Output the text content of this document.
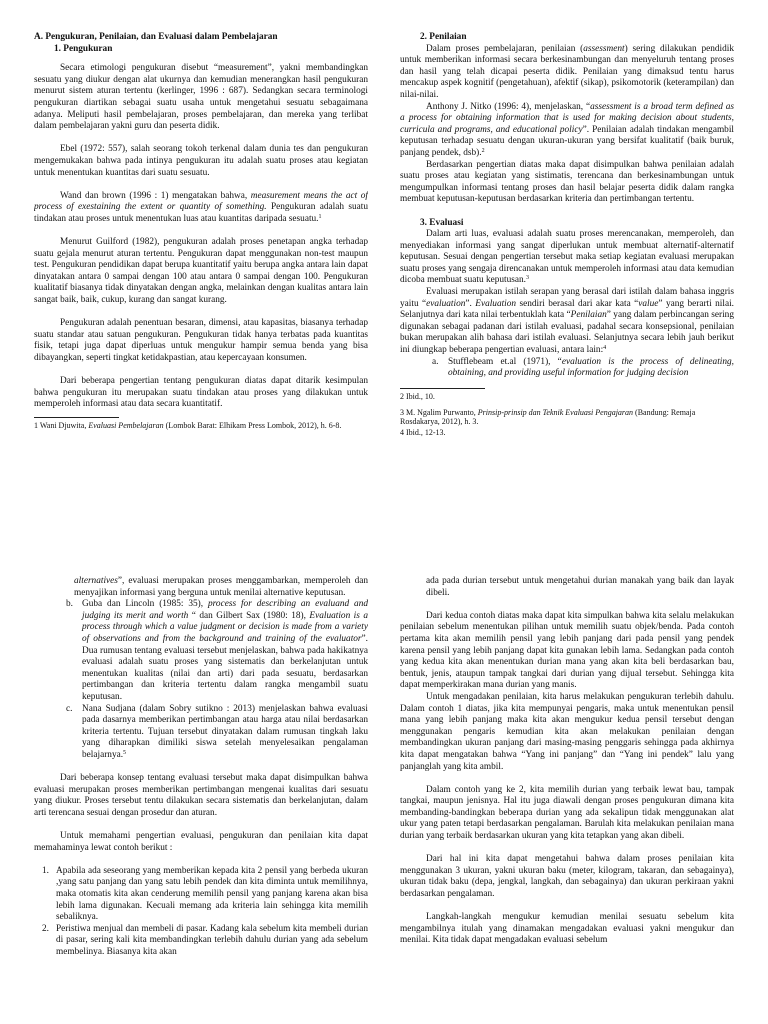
A. Pengukuran, Penilaian, dan Evaluasi dalam Pembelajaran

1. Pengukuran

Secara etimologi pengukuran disebut “measurement”, yakni membandingkan sesuatu yang diukur dengan alat ukurnya dan kemudian menerangkan hasil pengukuran menurut sistem aturan tertentu (kerlinger, 1996 : 687). Sedangkan secara terminologi pengukuran diartikan sebagai suatu usaha untuk mengetahui sesuatu sebagaimana adanya. Meliputi hasil pembelajaran, proses pembelajaran, dan mereka yang terlibat dalam pembelajaran yakni guru dan peserta didik.

Ebel (1972: 557), salah seorang tokoh terkenal dalam dunia tes dan pengukuran mengemukakan bahwa pada intinya pengukuran itu adalah suatu proses atau kegiatan untuk menentukan kuantitas dari suatu sesuatu.

Wand dan brown (1996 : 1) mengatakan bahwa, measurement means the act of process of exestaining the extent or quantity of something. Pengukuran adalah suatu tindakan atau proses untuk menentukan luas atau kuantitas daripada sesuatu.$^1$

Menurut Guilford (1982), pengukuran adalah proses penetapan angka terhadap suatu gejala menurut aturan tertentu. Pengukuran dapat menggunakan non-test maupun test. Pengukuran pendidikan dapat berupa kuantitatif yaitu berupa angka antara lain dapat dinyatakan antara 0 sampai dengan 100 atau antara 0 sampai dengan 100. Pengukuran kualitatif biasanya tidak dinyatakan dengan angka, melainkan dengan kualitas antara lain sangat baik, baik, cukup, kurang dan sangat kurang.

Pengukuran adalah penentuan besaran, dimensi, atau kapasitas, biasanya terhadap suatu standar atau satuan pengukuran. Pengukuran tidak hanya terbatas pada kuantitas fisik, tetapi juga dapat diperluas untuk mengukur hampir semua benda yang bisa dibayangkan, seperti tingkat ketidakpastian, atau kepercayaan konsumen.

Dari beberapa pengertian tentang pengukuran diatas dapat ditarik kesimpulan bahwa pengukuran itu merupakan suatu tindakan atau proses yang dilakukan untuk memperoleh informasi atau data secara kuantitatif.

1 Wani Djuwita, Evaluasi Pembelajaran (Lombok Barat: Elhikam Press Lombok, 2012), h. 6-8.

2. Penilaian

Dalam proses pembelajaran, penilaian (assessment) sering dilakukan pendidik untuk memberikan informasi secara berkesinambungan dan menyeluruh tentang proses dan hasil yang telah dicapai peserta didik. Penilaian yang dimaksud tentu harus mencakup aspek kognitif (pengetahuan), afektif (sikap), psikomotorik (keterampilan) dan nilai-nilai.

Anthony J. Nitko (1996: 4), menjelaskan, “assessment is a broad term defined as a process for obtaining information that is used for making decision about students, curricula and programs, and educational policy”. Penilaian adalah tindakan mengambil keputusan terhadap sesuatu dengan ukuran-ukuran yang bersifat kualitatif (baik buruk, panjang pendek, dsb).$^2$

Berdasarkan pengertian diatas maka dapat disimpulkan bahwa penilaian adalah suatu proses atau kegiatan yang sistimatis, terencana dan berkesinambungan untuk mengumpulkan informasi tentang proses dan hasil belajar peserta didik dalam rangka membuat keputusan-keputusan berdasarkan kriteria dan pertimbangan tertentu.

3. Evaluasi

Dalam arti luas, evaluasi adalah suatu proses merencanakan, memperoleh, dan menyediakan informasi yang sangat diperlukan untuk membuat alternatif-alternatif keputusan. Sesuai dengan pengertian tersebut maka setiap kegiatan evaluasi merupakan suatu proses yang sengaja direncanakan untuk memperoleh informasi atau data kemudian dicoba membuat suatu keputusan.$^3$

Evaluasi merupakan istilah serapan yang berasal dari istilah dalam bahasa inggris yaitu “evaluation”. Evaluation sendiri berasal dari akar kata “value” yang berarti nilai. Selanjutnya dari kata nilai terbentuklah kata “Penilaian” yang dalam perbincangan sering digunakan sebagai padanan dari istilah evaluasi, padahal secara konsepsional, penilaian bukan merupakan alih bahasa dari istilah evaluasi. Selanjutnya secara lebih jauh berikut ini diungkap beberapa pengertian evaluasi, antara lain:$^4$

a. Stufflebeam et.al (1971), “evaluation is the process of delineating, obtaining, and providing useful information for judging decision

2 Ibid., 10.

3 M. Ngalim Purwanto, Prinsip-prinsip dan Teknik Evaluasi Pengajaran (Bandung: Remaja Rosdakarya, 2012), h. 3.

4 Ibid., 12-13.

alternatives”, evaluasi merupakan proses menggambarkan, memperoleh dan menyajikan informasi yang berguna untuk menilai alternative keputusan.

b. Guba dan Lincoln (1985: 35), process for describing an evaluand and judging its merit and worth “ dan Gilbert Sax (1980: 18), Evaluation is a process through which a value judgment or decision is made from a variety of observations and from the background and training of the evaluator”. Dua rumusan tentang evaluasi tersebut menjelaskan, bahwa pada hakikatnya evaluasi adalah suatu proses yang sistematis dan berkelanjutan untuk menentukan kualitas (nilai dan arti) dari pada sesuatu, berdasarkan pertimbangan dan kriteria tertentu dalam rangka mengambil suatu keputusan.

c. Nana Sudjana (dalam Sobry sutikno : 2013) menjelaskan bahwa evaluasi pada dasarnya memberikan pertimbangan atau harga atau nilai berdasarkan kriteria tertentu. Tujuan tersebut dinyatakan dalam rumusan tingkah laku yang diharapkan dimiliki siswa setelah menyelesaikan pengalaman belajarnya.$^5$

Dari beberapa konsep tentang evaluasi tersebut maka dapat disimpulkan bahwa evaluasi merupakan proses memberikan pertimbangan mengenai kualitas dari sesuatu yang diukur. Proses tersebut tentu dilakukan secara sistematis dan berkelanjutan, dalam arti terencana sesuai dengan prosedur dan aturan.

Untuk memahami pengertian evaluasi, pengukuran dan penilaian kita dapat memahaminya lewat contoh berikut :

1. Apabila ada seseorang yang memberikan kepada kita 2 pensil yang berbeda ukuran ,yang satu panjang dan yang satu lebih pendek dan kita diminta untuk memilihnya, maka otomatis kita akan cenderung memilih pensil yang panjang karena akan bisa lebih lama digunakan. Kecuali memang ada kriteria lain sehingga kita memilih sebaliknya.

2. Peristiwa menjual dan membeli di pasar. Kadang kala sebelum kita membeli durian di pasar, sering kali kita membandingkan terlebih dahulu durian yang ada sebelum membelinya. Biasanya kita akan

ada pada durian tersebut untuk mengetahui durian manakah yang baik dan layak dibeli.

Dari kedua contoh diatas maka dapat kita simpulkan bahwa kita selalu melakukan penilaian sebelum menentukan pilihan untuk memilih suatu objek/benda. Pada contoh pertama kita akan memilih pensil yang lebih panjang dari pada pensil yang pendek karena pensil yang lebih panjang dapat kita gunakan lebih lama. Sedangkan pada contoh yang kedua kita akan menentukan durian mana yang akan kita beli berdasarkan bau, bentuk, jenis, ataupun tampak tangkai dari durian yang dijual tersebut. Sehingga kita dapat memperkirakan mana durian yang manis.

Untuk mengadakan penilaian, kita harus melakukan pengukuran terlebih dahulu. Dalam contoh 1 diatas, jika kita mempunyai pengaris, maka untuk menentukan pensil mana yang lebih panjang maka kita akan mengukur kedua pensil tersebut dengan menggunakan pengaris kemudian kita akan melakukan penilaian dengan membandingkan ukuran panjang dari masing-masing penggaris sehingga pada akhirnya kita dapat mengatakan bahwa “Yang ini panjang” dan “Yang ini pendek” lalu yang panjanglah yang kita ambil.

Dalam contoh yang ke 2, kita memilih durian yang terbaik lewat bau, tampak tangkai, maupun jenisnya. Hal itu juga diawali dengan proses pengukuran dimana kita membanding-bandingkan beberapa durian yang ada sekalipun tidak menggunakan alat ukur yang paten tetapi berdasarkan pengalaman. Barulah kita melakukan penilaian mana durian yang terbaik berdasarkan ukuran yang kita tetapkan yang akan dibeli.

Dari hal ini kita dapat mengetahui bahwa dalam proses penilaian kita menggunakan 3 ukuran, yakni ukuran baku (meter, kilogram, takaran, dan sebagainya), ukuran tidak baku (depa, jengkal, langkah, dan sebagainya) dan ukuran perkiraan yakni berdasarkan pengalaman.

Langkah-langkah mengukur kemudian menilai sesuatu sebelum kita mengambilnya itulah yang dinamakan mengadakan evaluasi yakni mengukur dan menilai. Kita tidak dapat mengadakan evaluasi sebelum
